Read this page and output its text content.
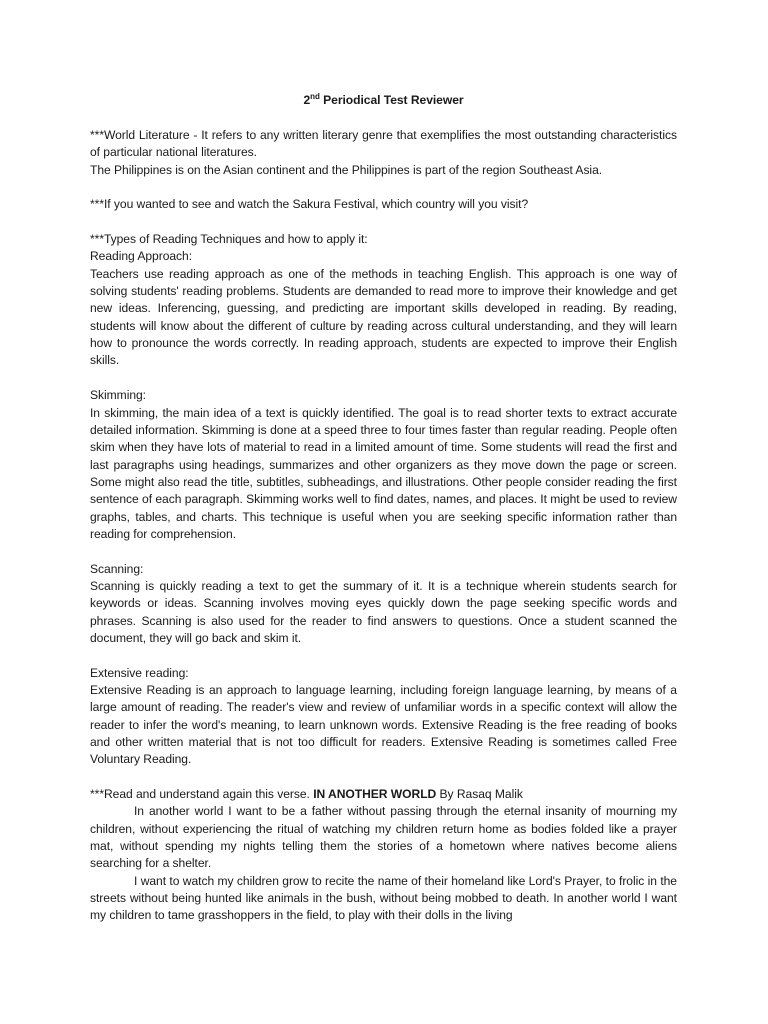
2nd Periodical Test Reviewer

***World Literature - It refers to any written literary genre that exemplifies the most outstanding characteristics of particular national literatures.

The Philippines is on the Asian continent and the Philippines is part of the region Southeast Asia.

***If you wanted to see and watch the Sakura Festival, which country will you visit?

***Types of Reading Techniques and how to apply it:

Reading Approach:

Teachers use reading approach as one of the methods in teaching English. This approach is one way of solving students' reading problems. Students are demanded to read more to improve their knowledge and get new ideas. Inferencing, guessing, and predicting are important skills developed in reading. By reading, students will know about the different of culture by reading across cultural understanding, and they will learn how to pronounce the words correctly. In reading approach, students are expected to improve their English skills.

Skimming:

In skimming, the main idea of a text is quickly identified. The goal is to read shorter texts to extract accurate detailed information. Skimming is done at a speed three to four times faster than regular reading. People often skim when they have lots of material to read in a limited amount of time. Some students will read the first and last paragraphs using headings, summarizes and other organizers as they move down the page or screen. Some might also read the title, subtitles, subheadings, and illustrations. Other people consider reading the first sentence of each paragraph. Skimming works well to find dates, names, and places. It might be used to review graphs, tables, and charts. This technique is useful when you are seeking specific information rather than reading for comprehension.

Scanning:

Scanning is quickly reading a text to get the summary of it. It is a technique wherein students search for keywords or ideas. Scanning involves moving eyes quickly down the page seeking specific words and phrases. Scanning is also used for the reader to find answers to questions. Once a student scanned the document, they will go back and skim it.

Extensive reading:

Extensive Reading is an approach to language learning, including foreign language learning, by means of a large amount of reading. The reader's view and review of unfamiliar words in a specific context will allow the reader to infer the word's meaning, to learn unknown words. Extensive Reading is the free reading of books and other written material that is not too difficult for readers. Extensive Reading is sometimes called Free Voluntary Reading.

***Read and understand again this verse. IN ANOTHER WORLD By Rasaq Malik

In another world I want to be a father without passing through the eternal insanity of mourning my children, without experiencing the ritual of watching my children return home as bodies folded like a prayer mat, without spending my nights telling them the stories of a hometown where natives become aliens searching for a shelter.

I want to watch my children grow to recite the name of their homeland like Lord's Prayer, to frolic in the streets without being hunted like animals in the bush, without being mobbed to death. In another world I want my children to tame grasshoppers in the field, to play with their dolls in the living
